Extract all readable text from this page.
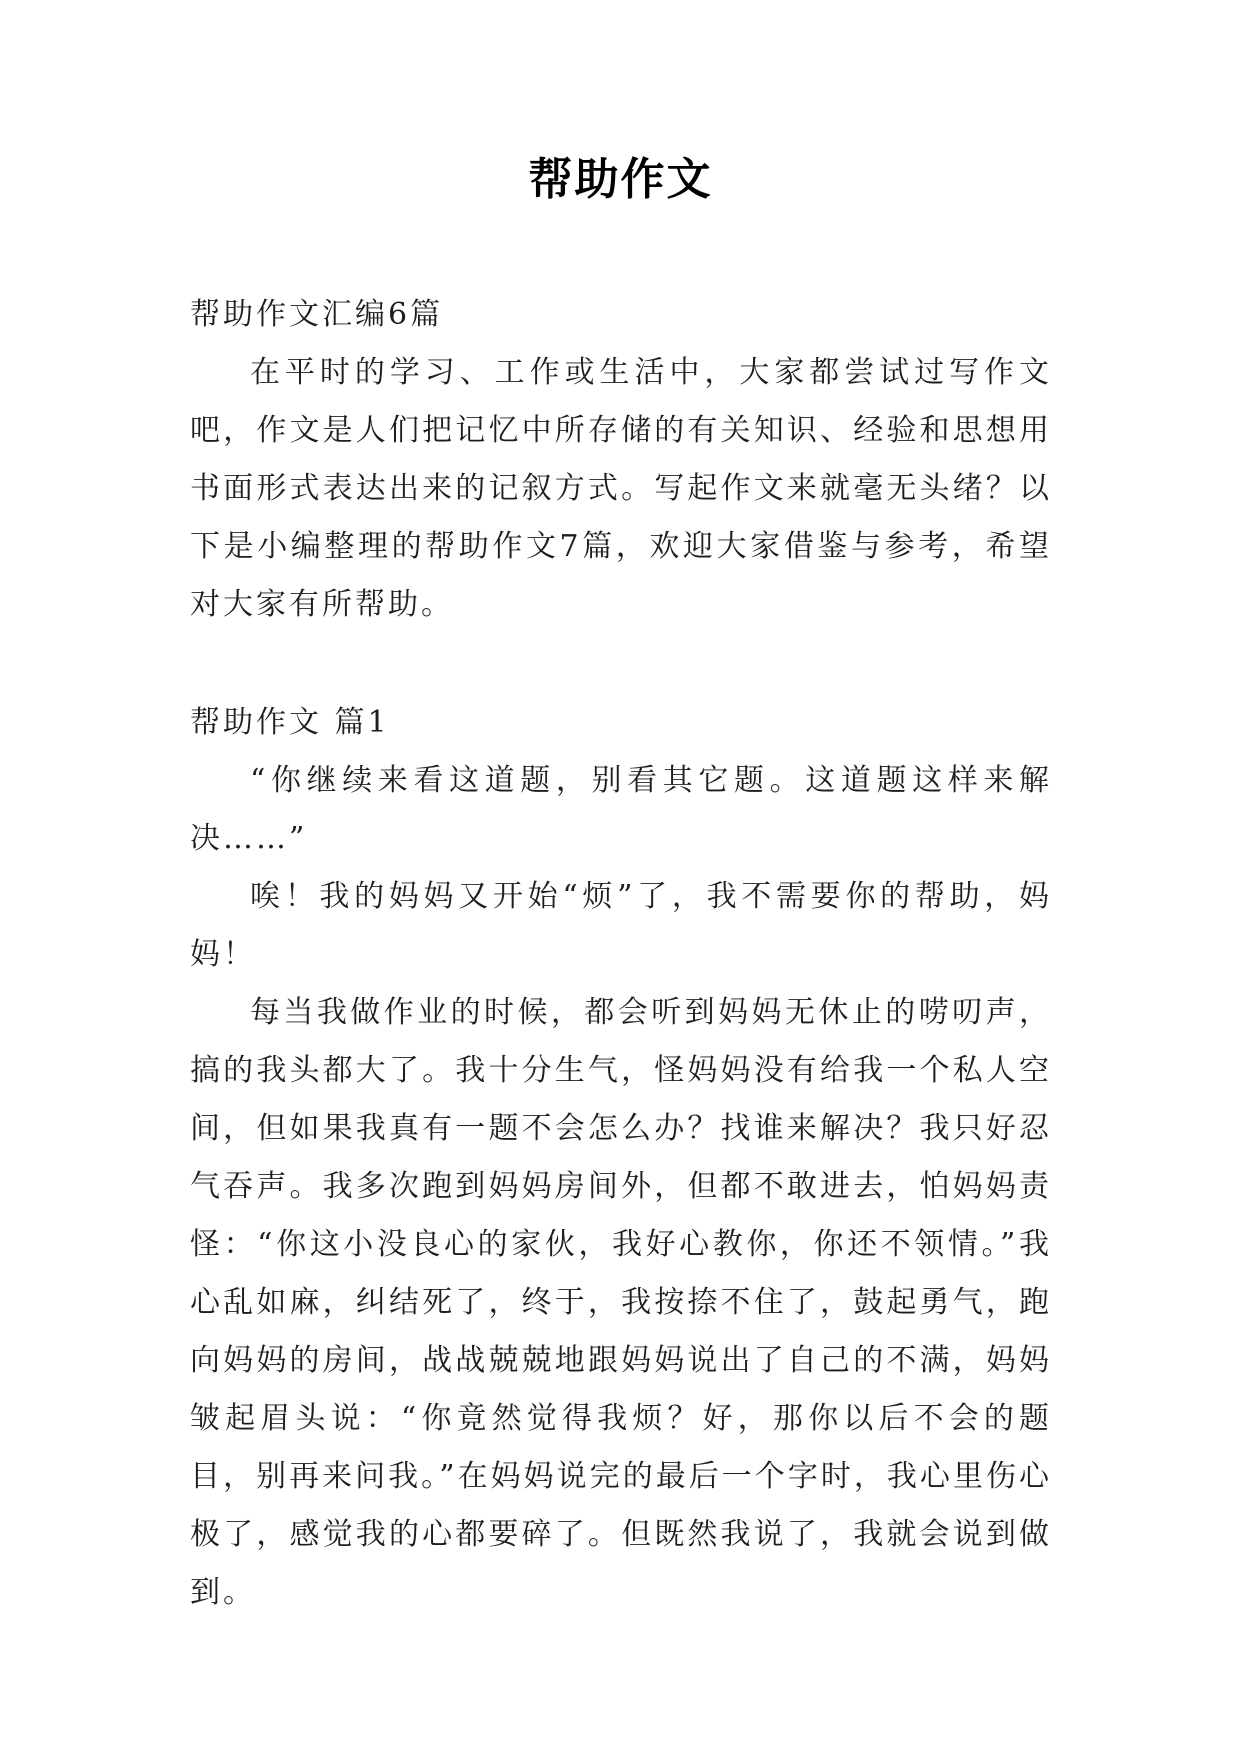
帮助作文

帮助作文汇编6篇

在平时的学习、工作或生活中，大家都尝试过写作文吧，作文是人们把记忆中所存储的有关知识、经验和思想用书面形式表达出来的记叙方式。写起作文来就毫无头绪？以下是小编整理的帮助作文7篇，欢迎大家借鉴与参考，希望对大家有所帮助。

帮助作文 篇1

“你继续来看这道题，别看其它题。这道题这样来解决……”

唉！我的妈妈又开始“烦”了，我不需要你的帮助，妈妈！

每当我做作业的时候，都会听到妈妈无休止的唠叨声，搞的我头都大了。我十分生气，怪妈妈没有给我一个私人空间，但如果我真有一题不会怎么办？找谁来解决？我只好忍气吞声。我多次跑到妈妈房间外，但都不敢进去，怕妈妈责怪：“你这小没良心的家伙，我好心教你，你还不领情。”我心乱如麻，纠结死了，终于，我按捺不住了，鼓起勇气，跑向妈妈的房间，战战兢兢地跟妈妈说出了自己的不满，妈妈皱起眉头说：“你竟然觉得我烦？好，那你以后不会的题目，别再来问我。”在妈妈说完的最后一个字时，我心里伤心极了，感觉我的心都要碎了。但既然我说了，我就会说到做到。
